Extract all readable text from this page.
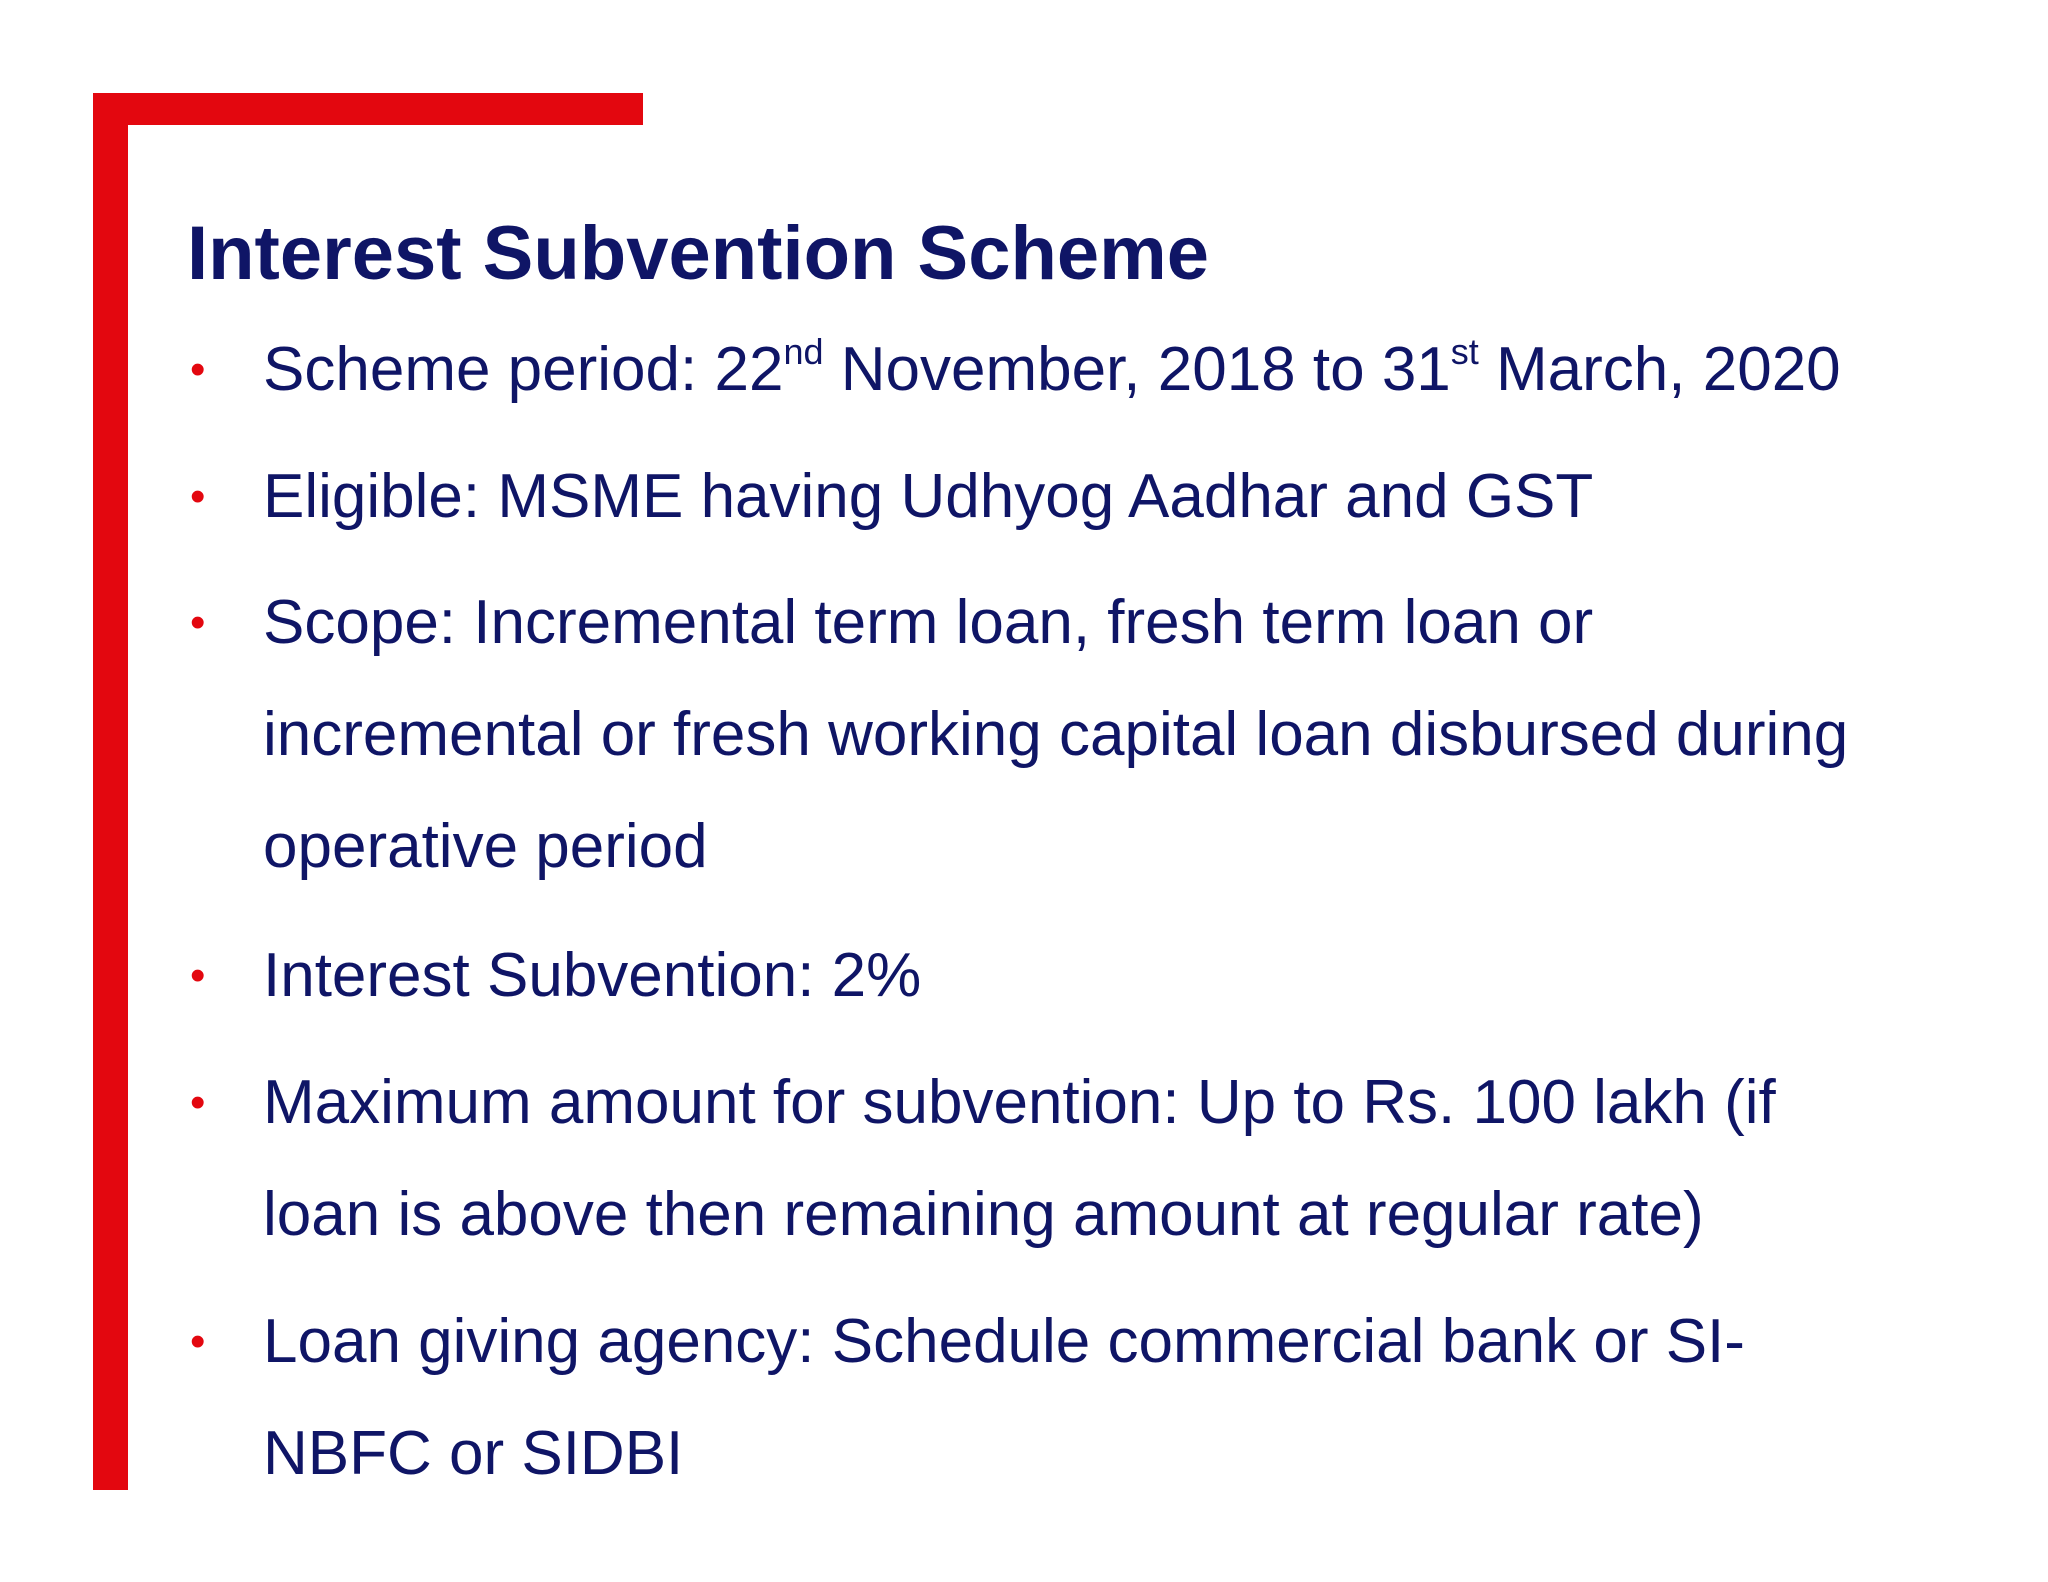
Interest Subvention Scheme
• Scheme period: 22nd November, 2018 to 31st March, 2020
• Eligible: MSME having Udhyog Aadhar and GST
• Scope: Incremental term loan, fresh term loan or
incremental or fresh working capital loan disbursed during
operative period
• Interest Subvention: 2%
• Maximum amount for subvention: Up to Rs. 100 lakh (if
loan is above then remaining amount at regular rate)
• Loan giving agency: Schedule commercial bank or SI-
NBFC or SIDBI
